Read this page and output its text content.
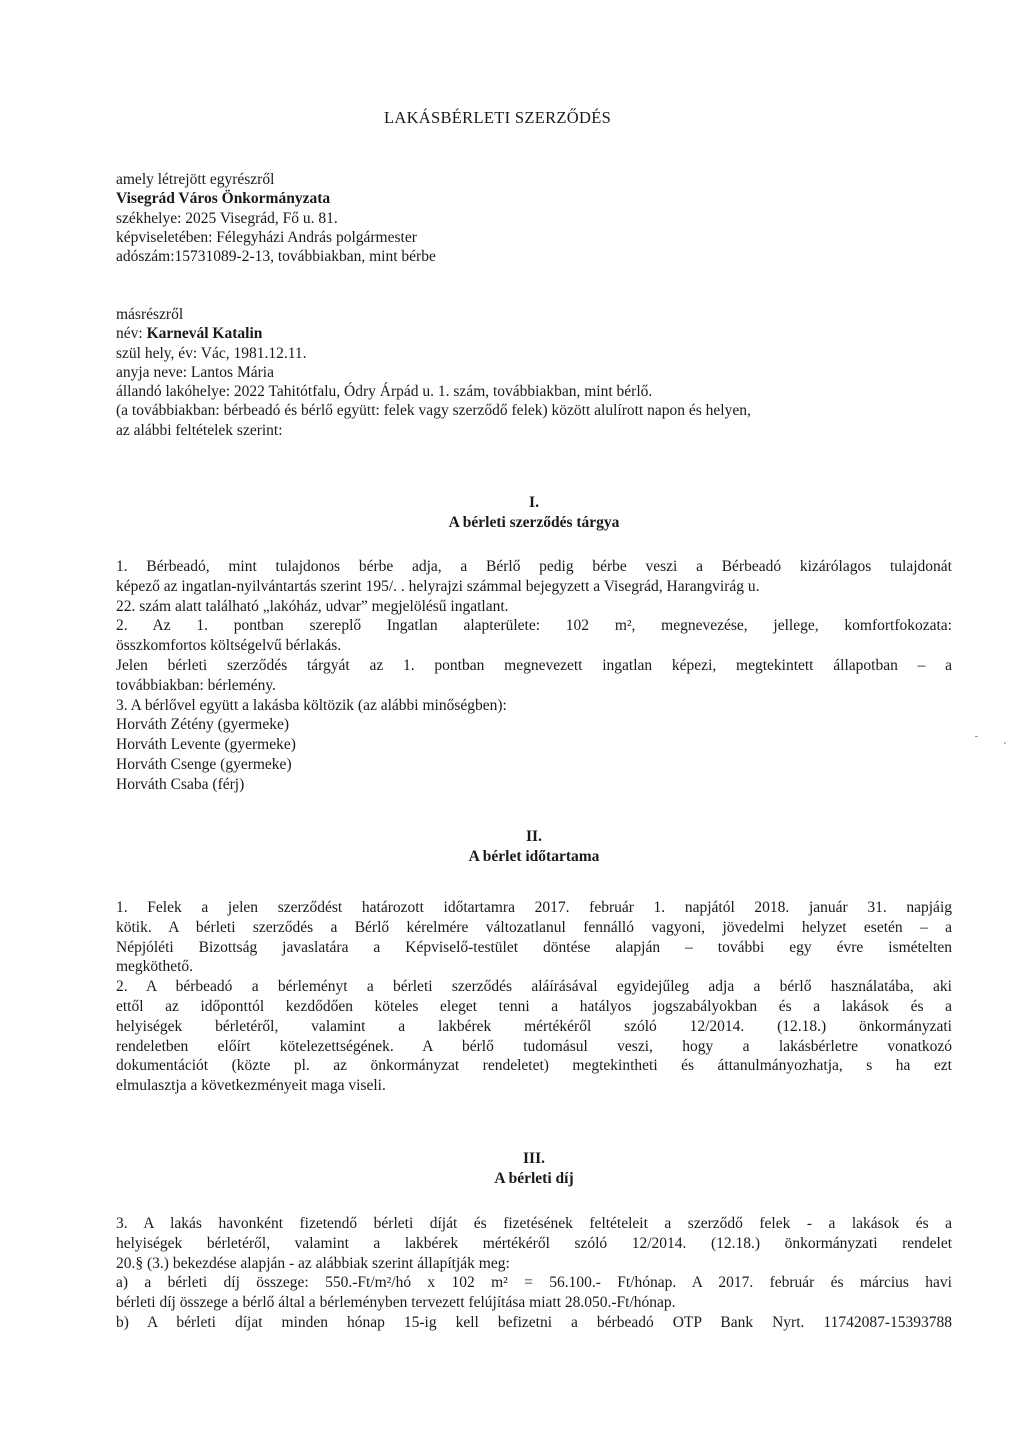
LAKÁSBÉRLETI SZERZŐDÉS

amely létrejött egyrészről

Visegrád Város Önkormányzata

székhelye: 2025 Visegrád, Fő u. 81.

képviseletében: Félegyházi András polgármester

adószám:15731089-2-13, továbbiakban, mint bérbe

másrészről

név: Karnevál Katalin

szül hely, év: Vác, 1981.12.11.

anyja neve: Lantos Mária

állandó lakóhelye: 2022 Tahitótfalu, Ódry Árpád u. 1. szám, továbbiakban, mint bérlő.

(a továbbiakban: bérbeadó és bérlő együtt: felek vagy szerződő felek) között alulírott napon és helyen,

az alábbi feltételek szerint:

I.

A bérleti szerződés tárgya

1. Bérbeadó, mint tulajdonos bérbe adja, a Bérlő pedig bérbe veszi a Bérbeadó kizárólagos tulajdonát

képező az ingatlan-nyilvántartás szerint 195/. . helyrajzi számmal bejegyzett a Visegrád, Harangvirág u.

22. szám alatt található „lakóház, udvar” megjelölésű ingatlant.

2. Az 1. pontban szereplő Ingatlan alapterülete: 102 m², megnevezése, jellege, komfortfokozata:

összkomfortos költségelvű bérlakás.

Jelen bérleti szerződés tárgyát az 1. pontban megnevezett ingatlan képezi, megtekintett állapotban – a

továbbiakban: bérlemény.

3. A bérlővel együtt a lakásba költözik (az alábbi minőségben):

Horváth Zétény (gyermeke)

Horváth Levente (gyermeke)

Horváth Csenge (gyermeke)

Horváth Csaba (férj)

II.

A bérlet időtartama

1. Felek a jelen szerződést határozott időtartamra 2017. február 1. napjától 2018. január 31. napjáig

kötik. A bérleti szerződés a Bérlő kérelmére változatlanul fennálló vagyoni, jövedelmi helyzet esetén – a

Népjóléti Bizottság javaslatára a Képviselő-testület döntése alapján – további egy évre ismételten

megköthető.

2. A bérbeadó a bérleményt a bérleti szerződés aláírásával egyidejűleg adja a bérlő használatába, aki

ettől az időponttól kezdődően köteles eleget tenni a hatályos jogszabályokban és a lakások és a

helyiségek bérletéről, valamint a lakbérek mértékéről szóló 12/2014. (12.18.) önkormányzati

rendeletben előírt kötelezettségének. A bérlő tudomásul veszi, hogy a lakásbérletre vonatkozó

dokumentációt (közte pl. az önkormányzat rendeletet) megtekintheti és áttanulmányozhatja, s ha ezt

elmulasztja a következményeit maga viseli.

III.

A bérleti díj

3. A lakás havonként fizetendő bérleti díját és fizetésének feltételeit a szerződő felek - a lakások és a

helyiségek bérletéről, valamint a lakbérek mértékéről szóló 12/2014. (12.18.) önkormányzati rendelet

20.§ (3.) bekezdése alapján - az alábbiak szerint állapítják meg:

a) a bérleti díj összege: 550.-Ft/m²/hó x 102 m² = 56.100.- Ft/hónap. A 2017. február és március havi

bérleti díj összege a bérlő által a bérleményben tervezett felújítása miatt 28.050.-Ft/hónap.

b) A bérleti díjat minden hónap 15-ig kell befizetni a bérbeadó OTP Bank Nyrt. 11742087-15393788
